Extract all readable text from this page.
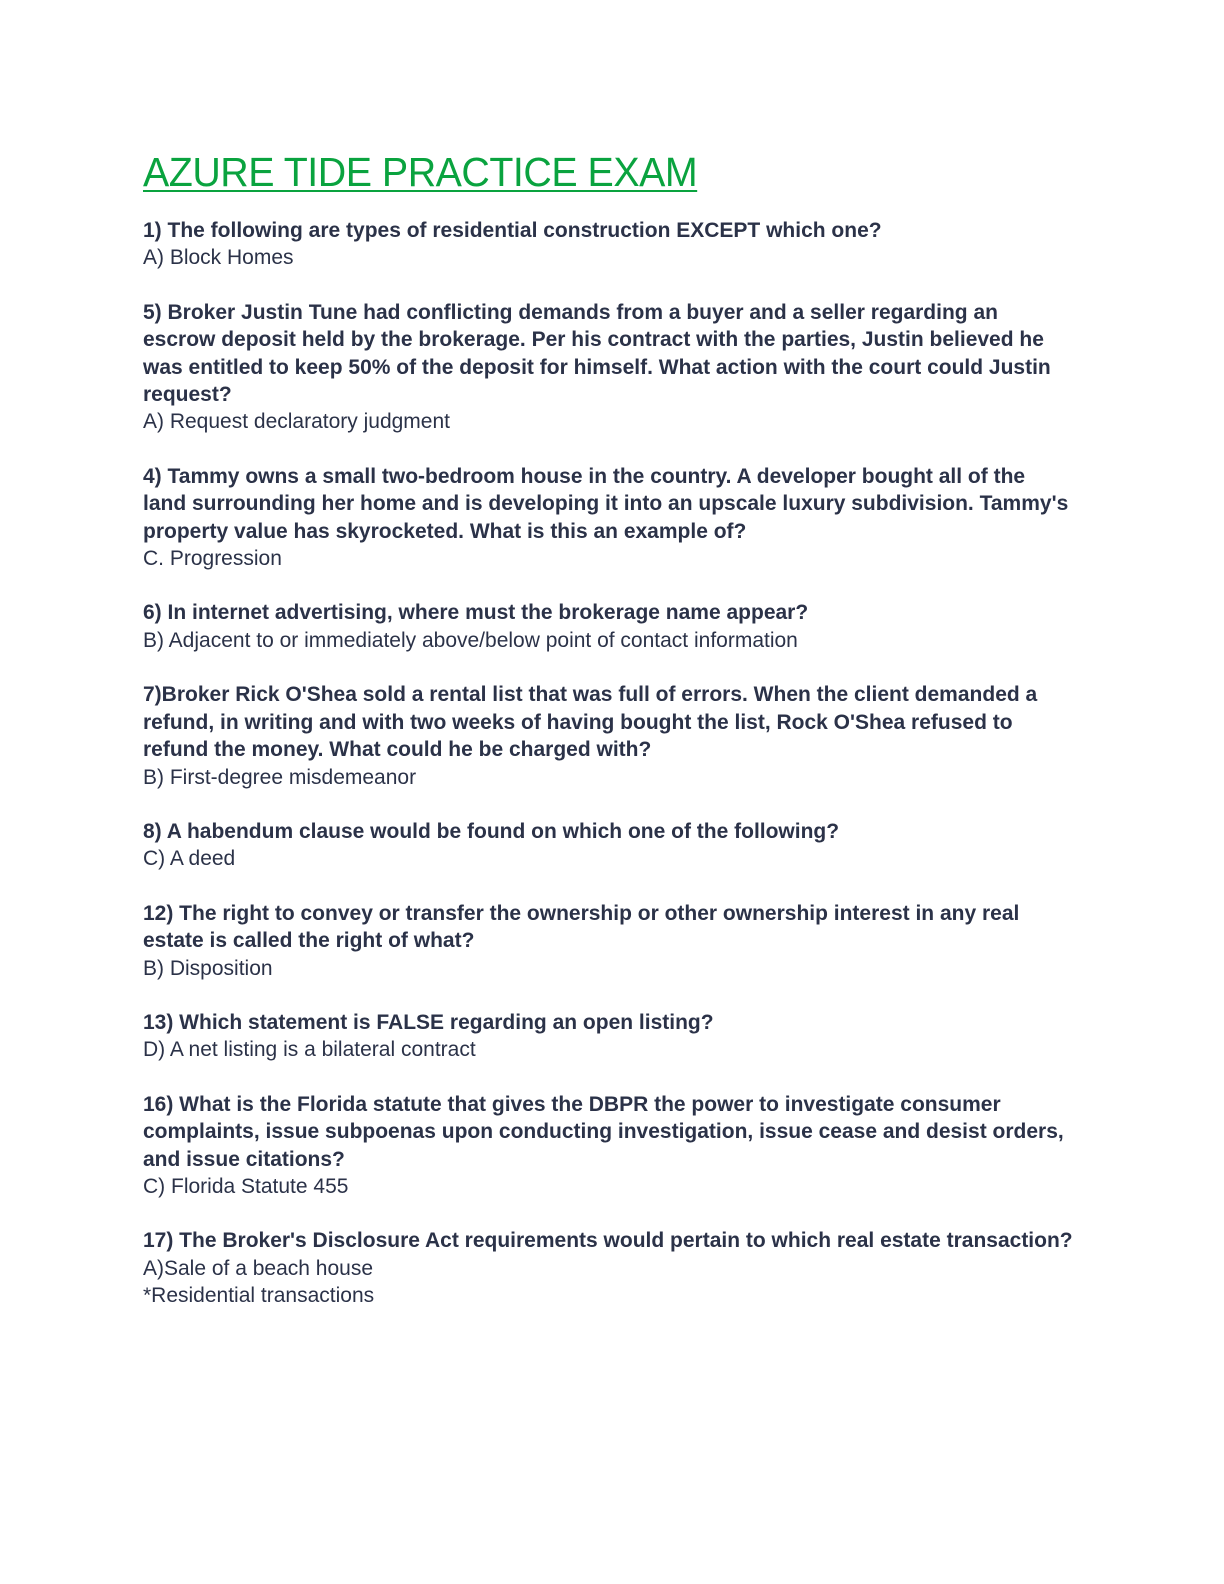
AZURE TIDE PRACTICE EXAM
1) The following are types of residential construction EXCEPT which one?
A) Block Homes
5) Broker Justin Tune had conflicting demands from a buyer and a seller regarding an escrow deposit held by the brokerage. Per his contract with the parties, Justin believed he was entitled to keep 50% of the deposit for himself. What action with the court could Justin request?
A) Request declaratory judgment
4) Tammy owns a small two-bedroom house in the country. A developer bought all of the land surrounding her home and is developing it into an upscale luxury subdivision. Tammy's property value has skyrocketed. What is this an example of?
C. Progression
6) In internet advertising, where must the brokerage name appear?
B) Adjacent to or immediately above/below point of contact information
7)Broker Rick O'Shea sold a rental list that was full of errors. When the client demanded a refund, in writing and with two weeks of having bought the list, Rock O'Shea refused to refund the money. What could he be charged with?
B) First-degree misdemeanor
8) A habendum clause would be found on which one of the following?
C) A deed
12) The right to convey or transfer the ownership or other ownership interest in any real estate is called the right of what?
B) Disposition
13) Which statement is FALSE regarding an open listing?
D) A net listing is a bilateral contract
16) What is the Florida statute that gives the DBPR the power to investigate consumer complaints, issue subpoenas upon conducting investigation, issue cease and desist orders, and issue citations?
C) Florida Statute 455
17) The Broker's Disclosure Act requirements would pertain to which real estate transaction?
A)Sale of a beach house
*Residential transactions
